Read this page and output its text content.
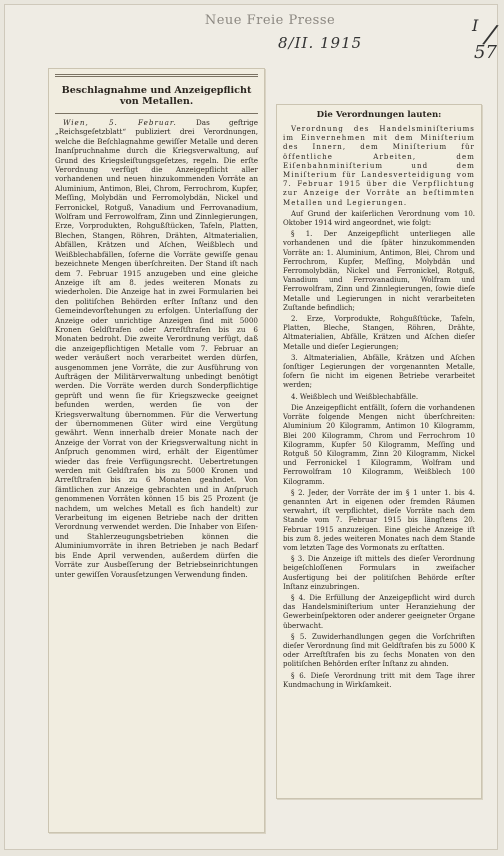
Neue Freie Presse
8/II. 1915
I /
57
Beschlagnahme und Anzeigepflicht von Metallen.

Wien, 5. Februar.	Das geftrige „Reichsgeſetzblatt“ publiziert drei Verordnungen, welche die Beſchlagnahme gewiſſer Metalle und deren Inanſpruchnahme durch die Kriegsverwaltung, auf Grund des Kriegsleiſtungsgeſetzes, regeln. Die erſte Verordnung verfügt die Anzeigepflicht aller vorhandenen und neuen hinzukommenden Vorräte an Aluminium, Antimon, Blei, Chrom, Ferrochrom, Kupfer, Meſſing, Molybdän und Ferromolybdän, Nickel und Ferronickel, Rotguß, Vanadium und Ferrovanadium, Wolfram und Ferrowolfram, Zinn und Zinnlegierungen, Erze, Vorprodukten, Rohgußſtücken, Tafeln, Platten, Blechen, Stangen, Röhren, Drähten, Altmaterialien, Abfällen, Krätzen und Aſchen, Weißblech und Weißblechabfällen, ſoferne die Vorräte gewiſſe genau bezeichnete Mengen überſchreiten. Der Stand iſt nach dem 7. Februar 1915 anzugeben und eine gleiche Anzeige iſt am 8. jedes weiteren Monats zu wiederholen. Die Anzeige hat in zwei Formularien bei den politiſchen Behörden erſter Inſtanz und den Gemeindevorſtehungen zu erfolgen. Unterlaſſung der Anzeige oder unrichtige Anzeigen ſind mit 5000 Kronen Geldſtrafen oder Arreſtſtrafen bis zu 6 Monaten bedroht. Die zweite Verordnung verfügt, daß die anzeigepflichtigen Metalle vom 7. Februar an weder veräußert noch verarbeitet werden dürfen, ausgenommen jene Vorräte, die zur Ausführung von Aufträgen der Militärverwaltung unbedingt benötigt werden. Die Vorräte werden durch Sonderpflichtige geprüft und wenn ſie für Kriegszwecke geeignet befunden werden, werden ſie von der Kriegsverwaltung übernommen. Für die Verwertung der übernommenen Güter wird eine Vergütung gewährt. Wenn innerhalb dreier Monate nach der Anzeige der Vorrat von der Kriegsverwaltung nicht in Anſpruch genommen wird, erhält der Eigentümer wieder das freie Verfügungsrecht. Uebertretungen werden mit Geldſtrafen bis zu 5000 Kronen und Arreſtſtrafen bis zu 6 Monaten geahndet. Von ſämtlichen zur Anzeige gebrachten und in Anſpruch genommenen Vorräten können 15 bis 25 Prozent (je nachdem, um welches Metall es ſich handelt) zur Verarbeitung im eigenen Betriebe nach der dritten Verordnung verwendet werden. Die Inhaber von Eiſen- und Stahlerzeugungsbetrieben können die Aluminiumvorräte in ihren Betrieben je nach Bedarf bis Ende April verwenden, außerdem dürfen die Vorräte zur Ausbeſſerung der Betriebseinrichtungen unter gewiſſen Vorausſetzungen Verwendung finden.

Die Verordnungen lauten:

Verordnung des Handelsminiſteriums im Einvernehmen mit dem Miniſterium des Innern, dem Miniſterium für öffentliche Arbeiten, dem Eiſenbahnminiſterium und dem Miniſterium für Landesverteidigung vom 7. Februar 1915 über die Verpflichtung zur Anzeige der Vorräte an beſtimmten Metallen und Legierungen.

Auf Grund der kaiſerlichen Verordnung vom 10. Oktober 1914 wird angeordnet, wie folgt:

§ 1. Der Anzeigepflicht unterliegen alle vorhandenen und die ſpäter hinzukommenden Vorräte an: 1. Aluminium, Antimon, Blei, Chrom und Ferrochrom, Kupfer, Meſſing, Molybdän und Ferromolybdän, Nickel und Ferronickel, Rotguß, Vanadium und Ferrovanadium, Wolfram und Ferrowolfram, Zinn und Zinnlegierungen, ſowie dieſe Metalle und Legierungen in nicht verarbeiteten Zuſtande befindlich;

2. Erze, Vorprodukte, Rohgußſtücke, Tafeln, Platten, Bleche, Stangen, Röhren, Drähte, Altmaterialien, Abfälle, Krätzen und Aſchen dieſer Metalle und dieſer Legierungen;

3. Altmaterialien, Abfälle, Krätzen und Aſchen ſonſtiger Legierungen der vorgenannten Metalle, ſofern ſie nicht im eigenen Betriebe verarbeitet werden;

4. Weißblech und Weißblechabfälle.

Die Anzeigepflicht entfällt, ſofern die vorhandenen Vorräte folgende Mengen nicht überſchreiten: Aluminium 20 Kilogramm, Antimon 10 Kilogramm, Blei 200 Kilogramm, Chrom und Ferrochrom 10 Kilogramm, Kupfer 50 Kilogramm, Meſſing und Rotguß 50 Kilogramm, Zinn 20 Kilogramm, Nickel und Ferronickel 1 Kilogramm, Wolfram und Ferrowolfram 10 Kilogramm, Weißblech 100 Kilogramm.

§ 2. Jeder, der Vorräte der im § 1 unter 1. bis 4. genannten Art in eigenen oder fremden Räumen verwahrt, iſt verpflichtet, dieſe Vorräte nach dem Stande vom 7. Februar 1915 bis längſtens 20. Februar 1915 anzuzeigen. Eine gleiche Anzeige iſt bis zum 8. jedes weiteren Monates nach dem Stande vom letzten Tage des Vormonats zu erſtatten.

§ 3. Die Anzeige iſt mittels des dieſer Verordnung beigeſchloſſenen Formulars in zweifacher Ausfertigung bei der politiſchen Behörde erſter Inſtanz einzubringen.

§ 4. Die Erfüllung der Anzeigepflicht wird durch das Handelsminiſterium unter Heranziehung der Gewerbeinſpektoren oder anderer geeigneter Organe überwacht.

§ 5. Zuwiderhandlungen gegen die Vorſchriften dieſer Verordnung ſind mit Geldſtrafen bis zu 5000 K oder Arreſtſtrafen bis zu ſechs Monaten von den politiſchen Behörden erſter Inſtanz zu ahnden.

§ 6. Dieſe Verordnung tritt mit dem Tage ihrer Kundmachung in Wirkſamkeit.
